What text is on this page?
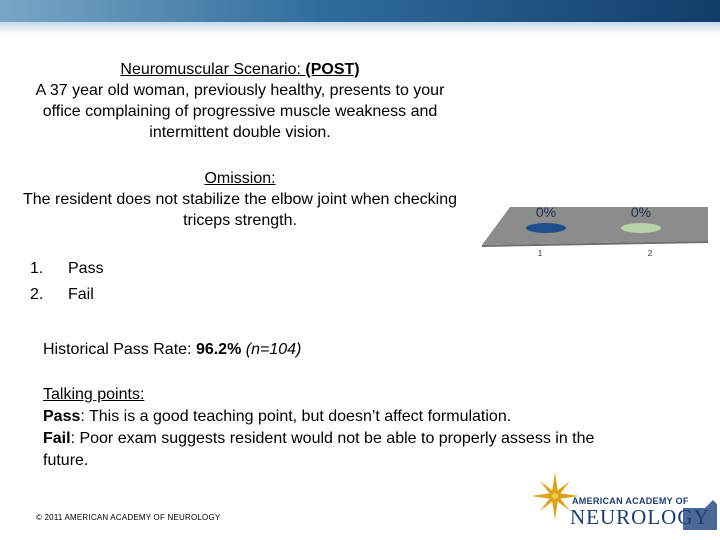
Neuromuscular Scenario: (POST)
A 37 year old woman, previously healthy, presents to your office complaining of progressive muscle weakness and intermittent double vision.
Omission:
The resident does not stabilize the elbow joint when checking triceps strength.
1.	Pass
2.	Fail
0%	0%
1	2
Historical Pass Rate: 96.2% (n=104)
Talking points:
Pass: This is a good teaching point, but doesn’t affect formulation.
Fail: Poor exam suggests resident would not be able to properly assess in the future.
© 2011 AMERICAN ACADEMY OF NEUROLOGY
AMERICAN ACADEMY OF
NEUROLOGY
